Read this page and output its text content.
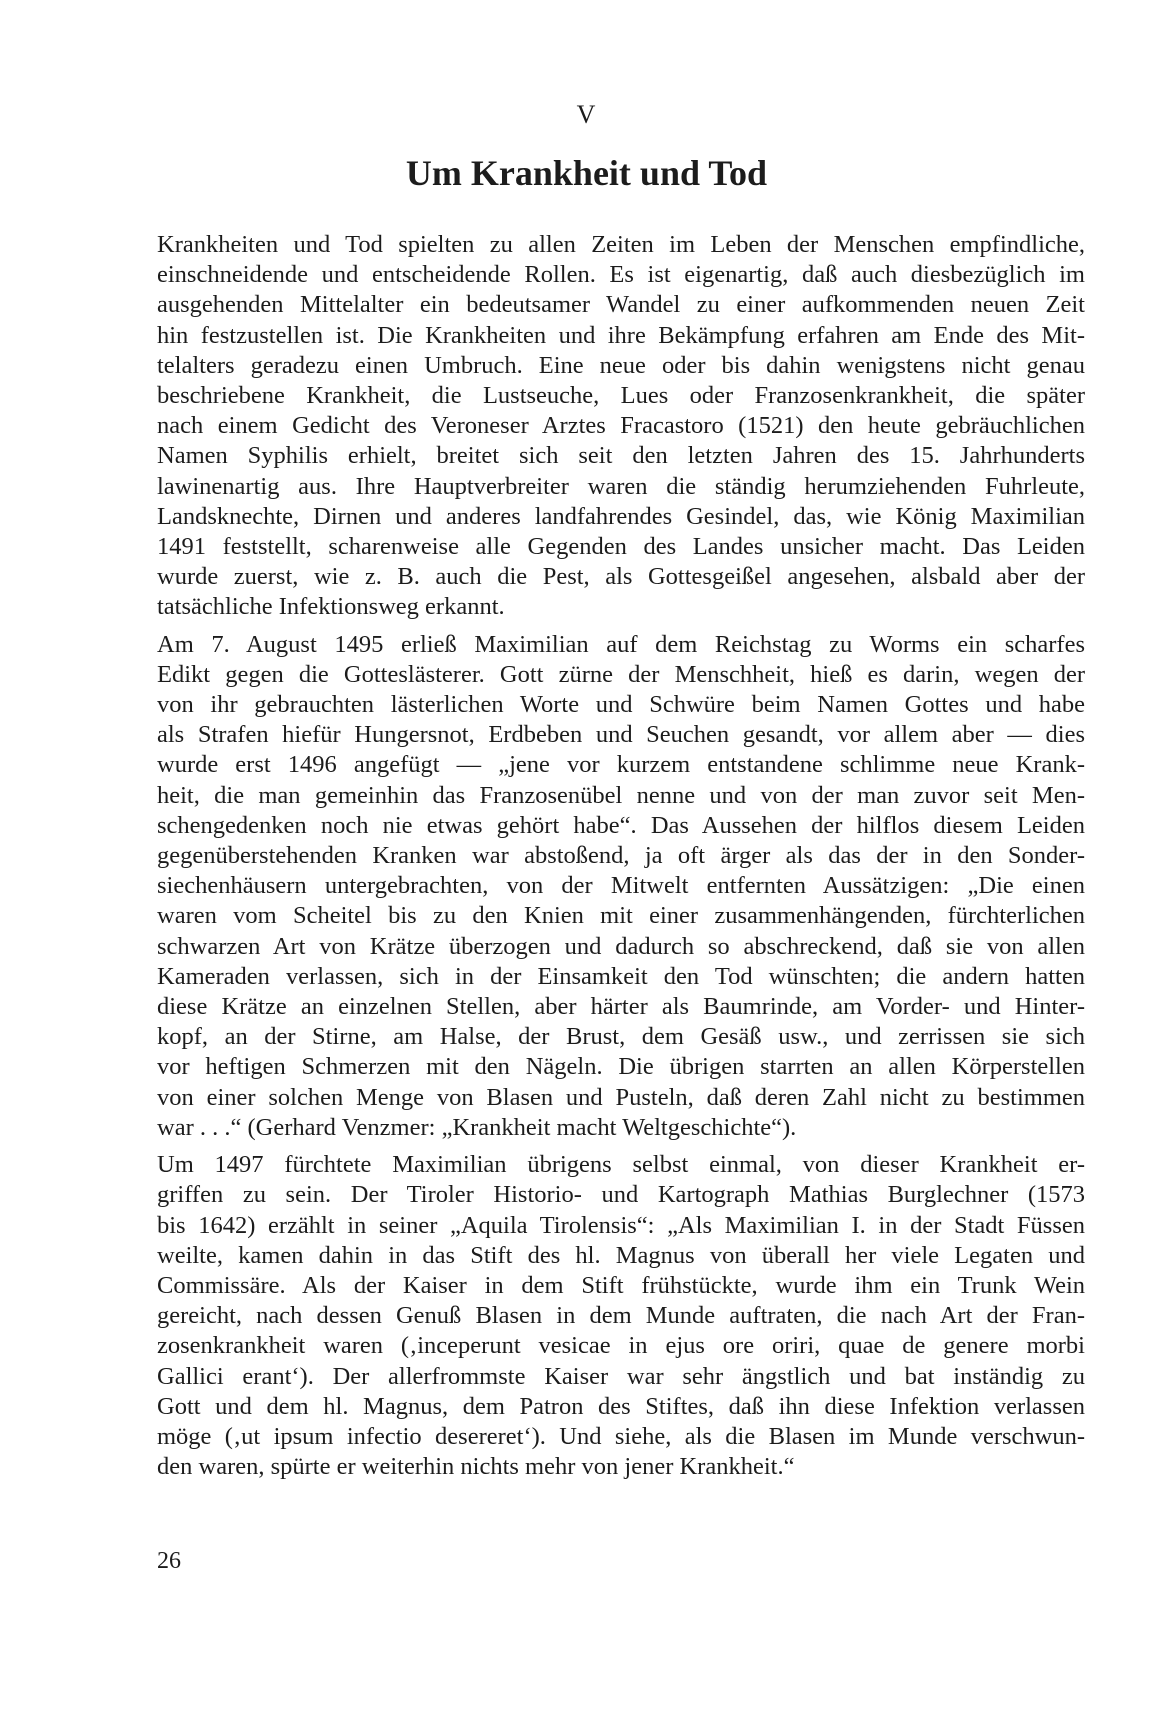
V
Um Krankheit und Tod

Krankheiten und Tod spielten zu allen Zeiten im Leben der Menschen empfindliche,
einschneidende und entscheidende Rollen. Es ist eigenartig, daß auch diesbezüglich im
ausgehenden Mittelalter ein bedeutsamer Wandel zu einer aufkommenden neuen Zeit
hin festzustellen ist. Die Krankheiten und ihre Bekämpfung erfahren am Ende des Mit-
telalters geradezu einen Umbruch. Eine neue oder bis dahin wenigstens nicht genau
beschriebene Krankheit, die Lustseuche, Lues oder Franzosenkrankheit, die später
nach einem Gedicht des Veroneser Arztes Fracastoro (1521) den heute gebräuchlichen
Namen Syphilis erhielt, breitet sich seit den letzten Jahren des 15. Jahrhunderts
lawinenartig aus. Ihre Hauptverbreiter waren die ständig herumziehenden Fuhrleute,
Landsknechte, Dirnen und anderes landfahrendes Gesindel, das, wie König Maximilian
1491 feststellt, scharenweise alle Gegenden des Landes unsicher macht. Das Leiden
wurde zuerst, wie z. B. auch die Pest, als Gottesgeißel angesehen, alsbald aber der
tatsächliche Infektionsweg erkannt.

Am 7. August 1495 erließ Maximilian auf dem Reichstag zu Worms ein scharfes
Edikt gegen die Gotteslästerer. Gott zürne der Menschheit, hieß es darin, wegen der
von ihr gebrauchten lästerlichen Worte und Schwüre beim Namen Gottes und habe
als Strafen hiefür Hungersnot, Erdbeben und Seuchen gesandt, vor allem aber — dies
wurde erst 1496 angefügt — „jene vor kurzem entstandene schlimme neue Krank-
heit, die man gemeinhin das Franzosenübel nenne und von der man zuvor seit Men-
schengedenken noch nie etwas gehört habe“. Das Aussehen der hilflos diesem Leiden
gegenüberstehenden Kranken war abstoßend, ja oft ärger als das der in den Sonder-
siechenhäusern untergebrachten, von der Mitwelt entfernten Aussätzigen: „Die einen
waren vom Scheitel bis zu den Knien mit einer zusammenhängenden, fürchterlichen
schwarzen Art von Krätze überzogen und dadurch so abschreckend, daß sie von allen
Kameraden verlassen, sich in der Einsamkeit den Tod wünschten; die andern hatten
diese Krätze an einzelnen Stellen, aber härter als Baumrinde, am Vorder- und Hinter-
kopf, an der Stirne, am Halse, der Brust, dem Gesäß usw., und zerrissen sie sich
vor heftigen Schmerzen mit den Nägeln. Die übrigen starrten an allen Körperstellen
von einer solchen Menge von Blasen und Pusteln, daß deren Zahl nicht zu bestimmen
war . . .“ (Gerhard Venzmer: „Krankheit macht Weltgeschichte“).

Um 1497 fürchtete Maximilian übrigens selbst einmal, von dieser Krankheit er-
griffen zu sein. Der Tiroler Historio- und Kartograph Mathias Burglechner (1573
bis 1642) erzählt in seiner „Aquila Tirolensis“: „Als Maximilian I. in der Stadt Füssen
weilte, kamen dahin in das Stift des hl. Magnus von überall her viele Legaten und
Commissäre. Als der Kaiser in dem Stift frühstückte, wurde ihm ein Trunk Wein
gereicht, nach dessen Genuß Blasen in dem Munde auftraten, die nach Art der Fran-
zosenkrankheit waren (‚inceperunt vesicae in ejus ore oriri, quae de genere morbi
Gallici erant‘). Der allerfrommste Kaiser war sehr ängstlich und bat inständig zu
Gott und dem hl. Magnus, dem Patron des Stiftes, daß ihn diese Infektion verlassen
möge (‚ut ipsum infectio desereret‘). Und siehe, als die Blasen im Munde verschwun-
den waren, spürte er weiterhin nichts mehr von jener Krankheit.“

26
